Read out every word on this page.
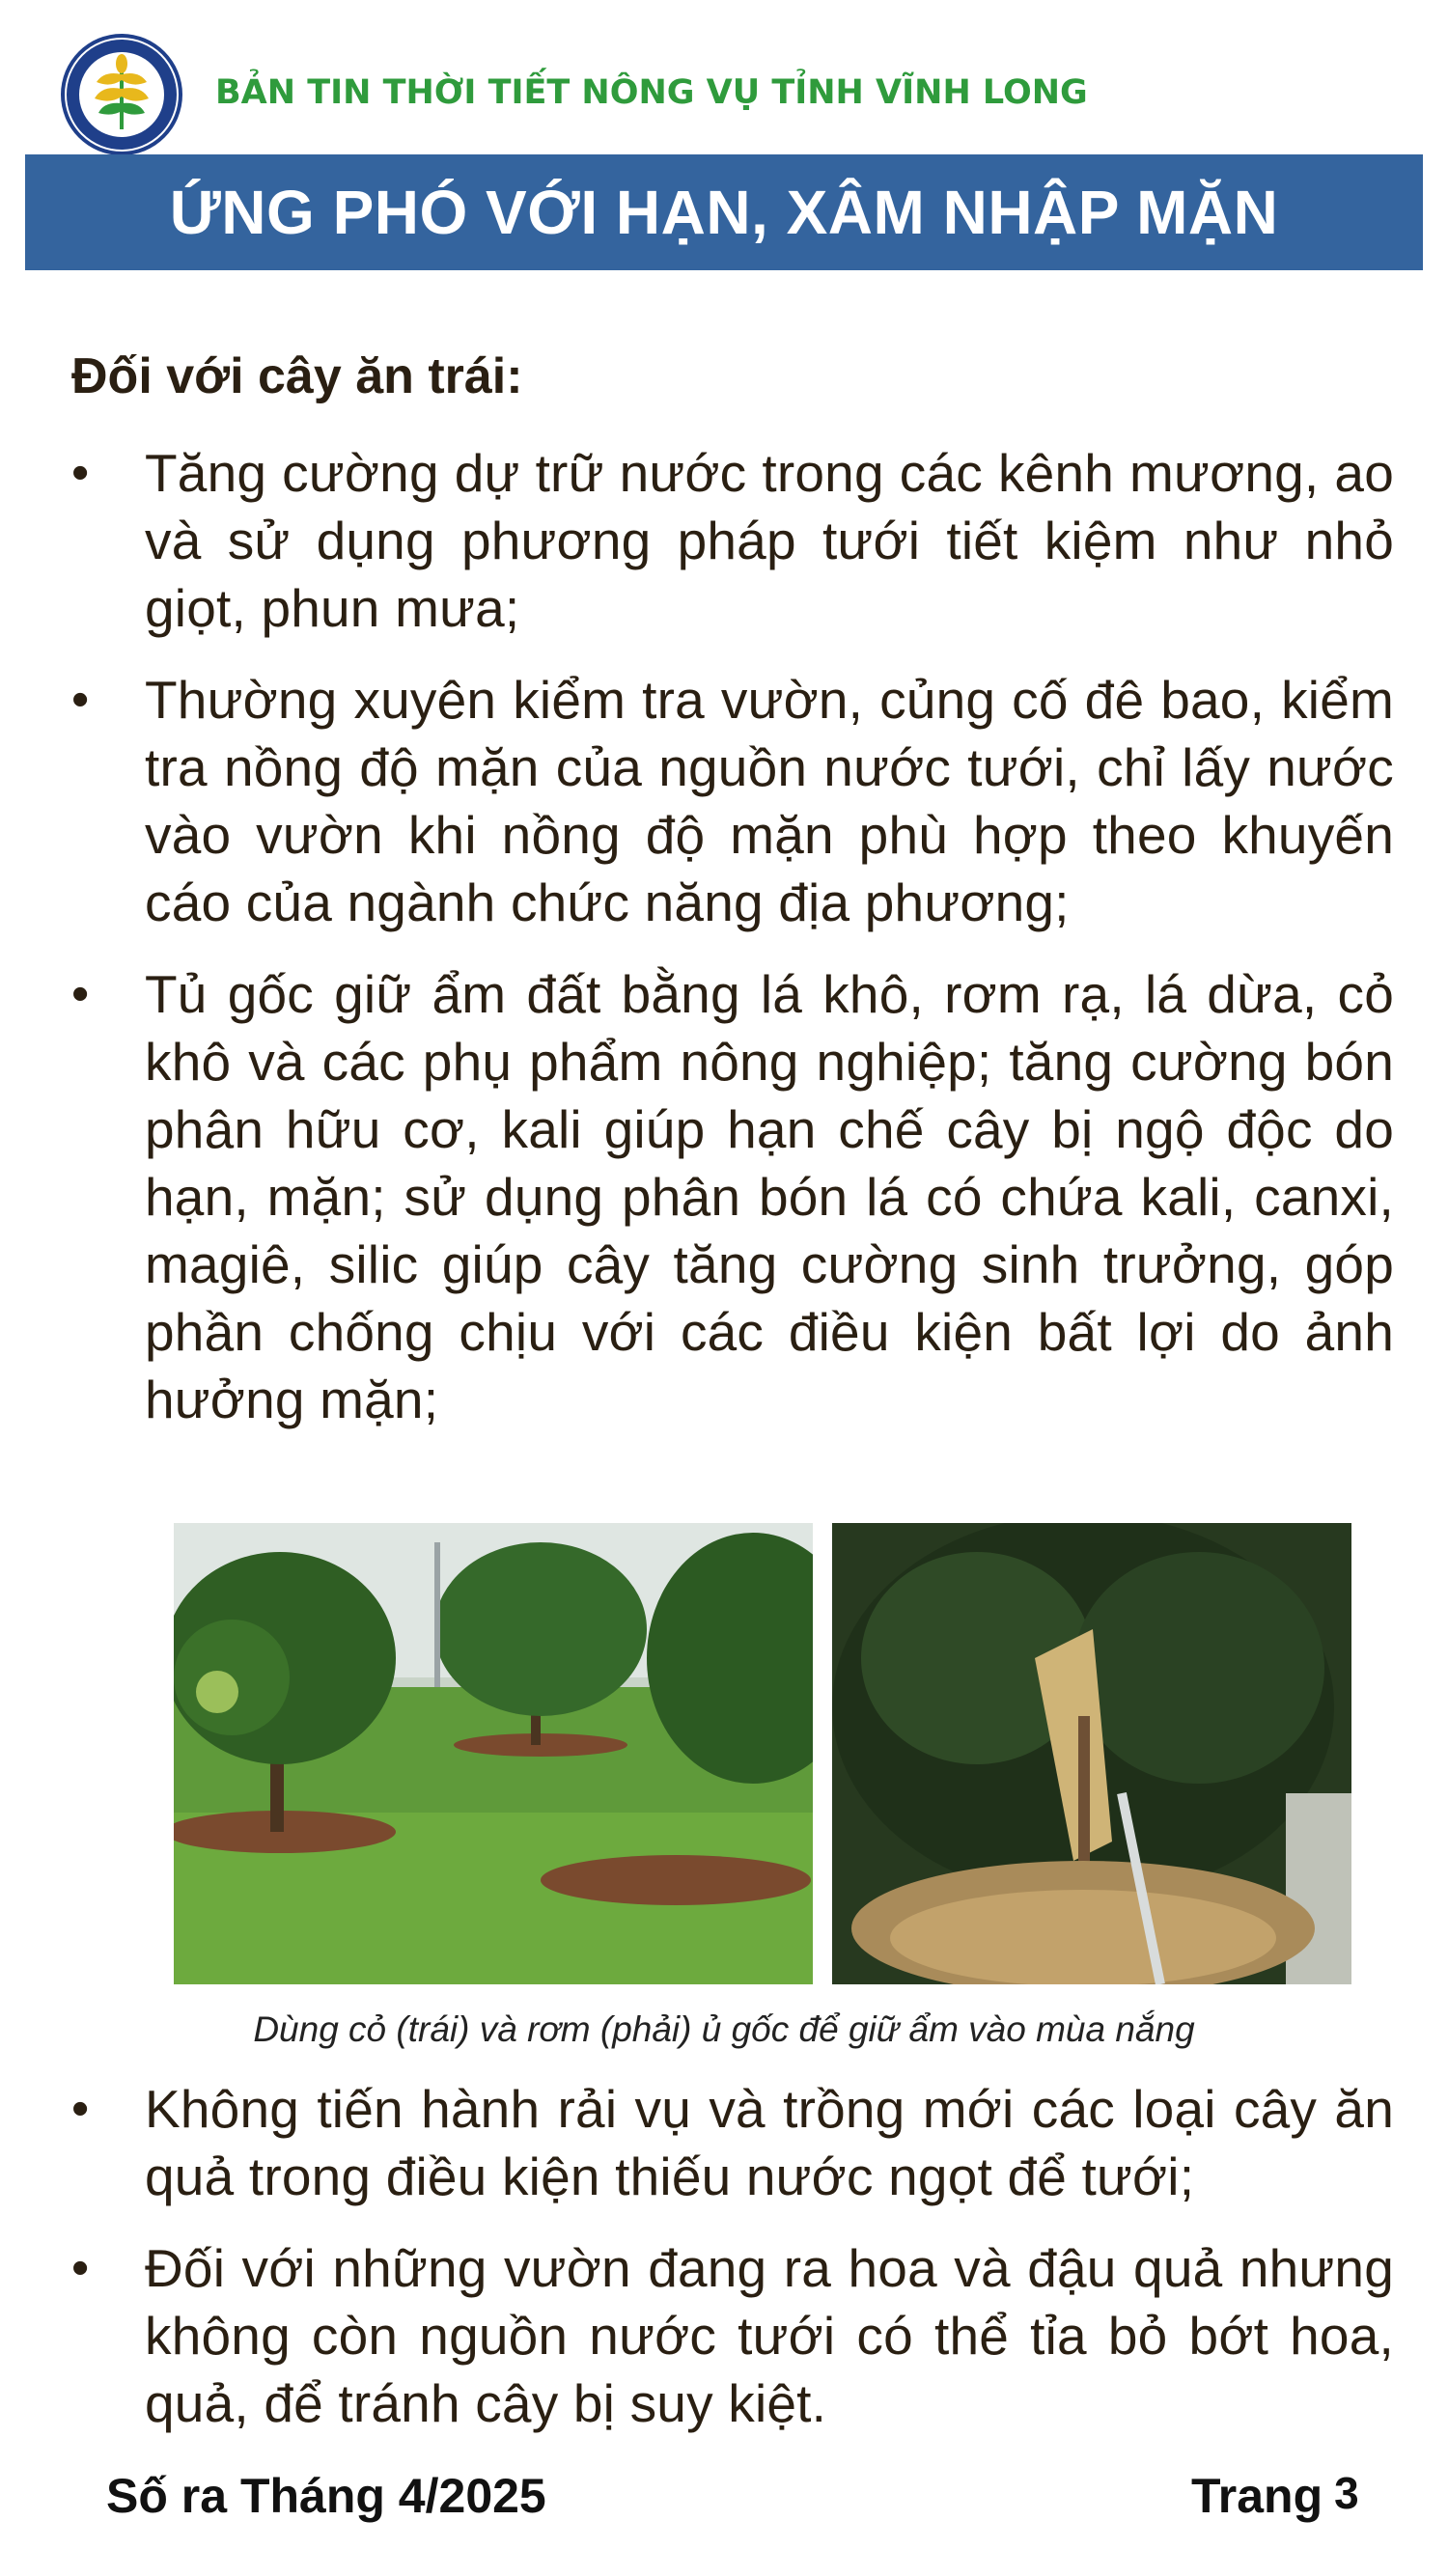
BẢN TIN THỜI TIẾT NÔNG VỤ TỈNH VĨNH LONG
ỨNG PHÓ VỚI HẠN, XÂM NHẬP MẶN
Đối với cây ăn trái:
• Tăng cường dự trữ nước trong các kênh mương, ao và sử dụng phương pháp tưới tiết kiệm như nhỏ giọt, phun mưa;
• Thường xuyên kiểm tra vườn, củng cố đê bao, kiểm tra nồng độ mặn của nguồn nước tưới, chỉ lấy nước vào vườn khi nồng độ mặn phù hợp theo khuyến cáo của ngành chức năng địa phương;
• Tủ gốc giữ ẩm đất bằng lá khô, rơm rạ, lá dừa, cỏ khô và các phụ phẩm nông nghiệp; tăng cường bón phân hữu cơ, kali giúp hạn chế cây bị ngộ độc do hạn, mặn; sử dụng phân bón lá có chứa kali, canxi, magiê, silic giúp cây tăng cường sinh trưởng, góp phần chống chịu với các điều kiện bất lợi do ảnh hưởng mặn;
Dùng cỏ (trái) và rơm (phải) ủ gốc để giữ ẩm vào mùa nắng
• Không tiến hành rải vụ và trồng mới các loại cây ăn quả trong điều kiện thiếu nước ngọt để tưới;
• Đối với những vườn đang ra hoa và đậu quả nhưng không còn nguồn nước tưới có thể tỉa bỏ bớt hoa, quả, để tránh cây bị suy kiệt.
Số ra Tháng 4/2025	Trang 3
